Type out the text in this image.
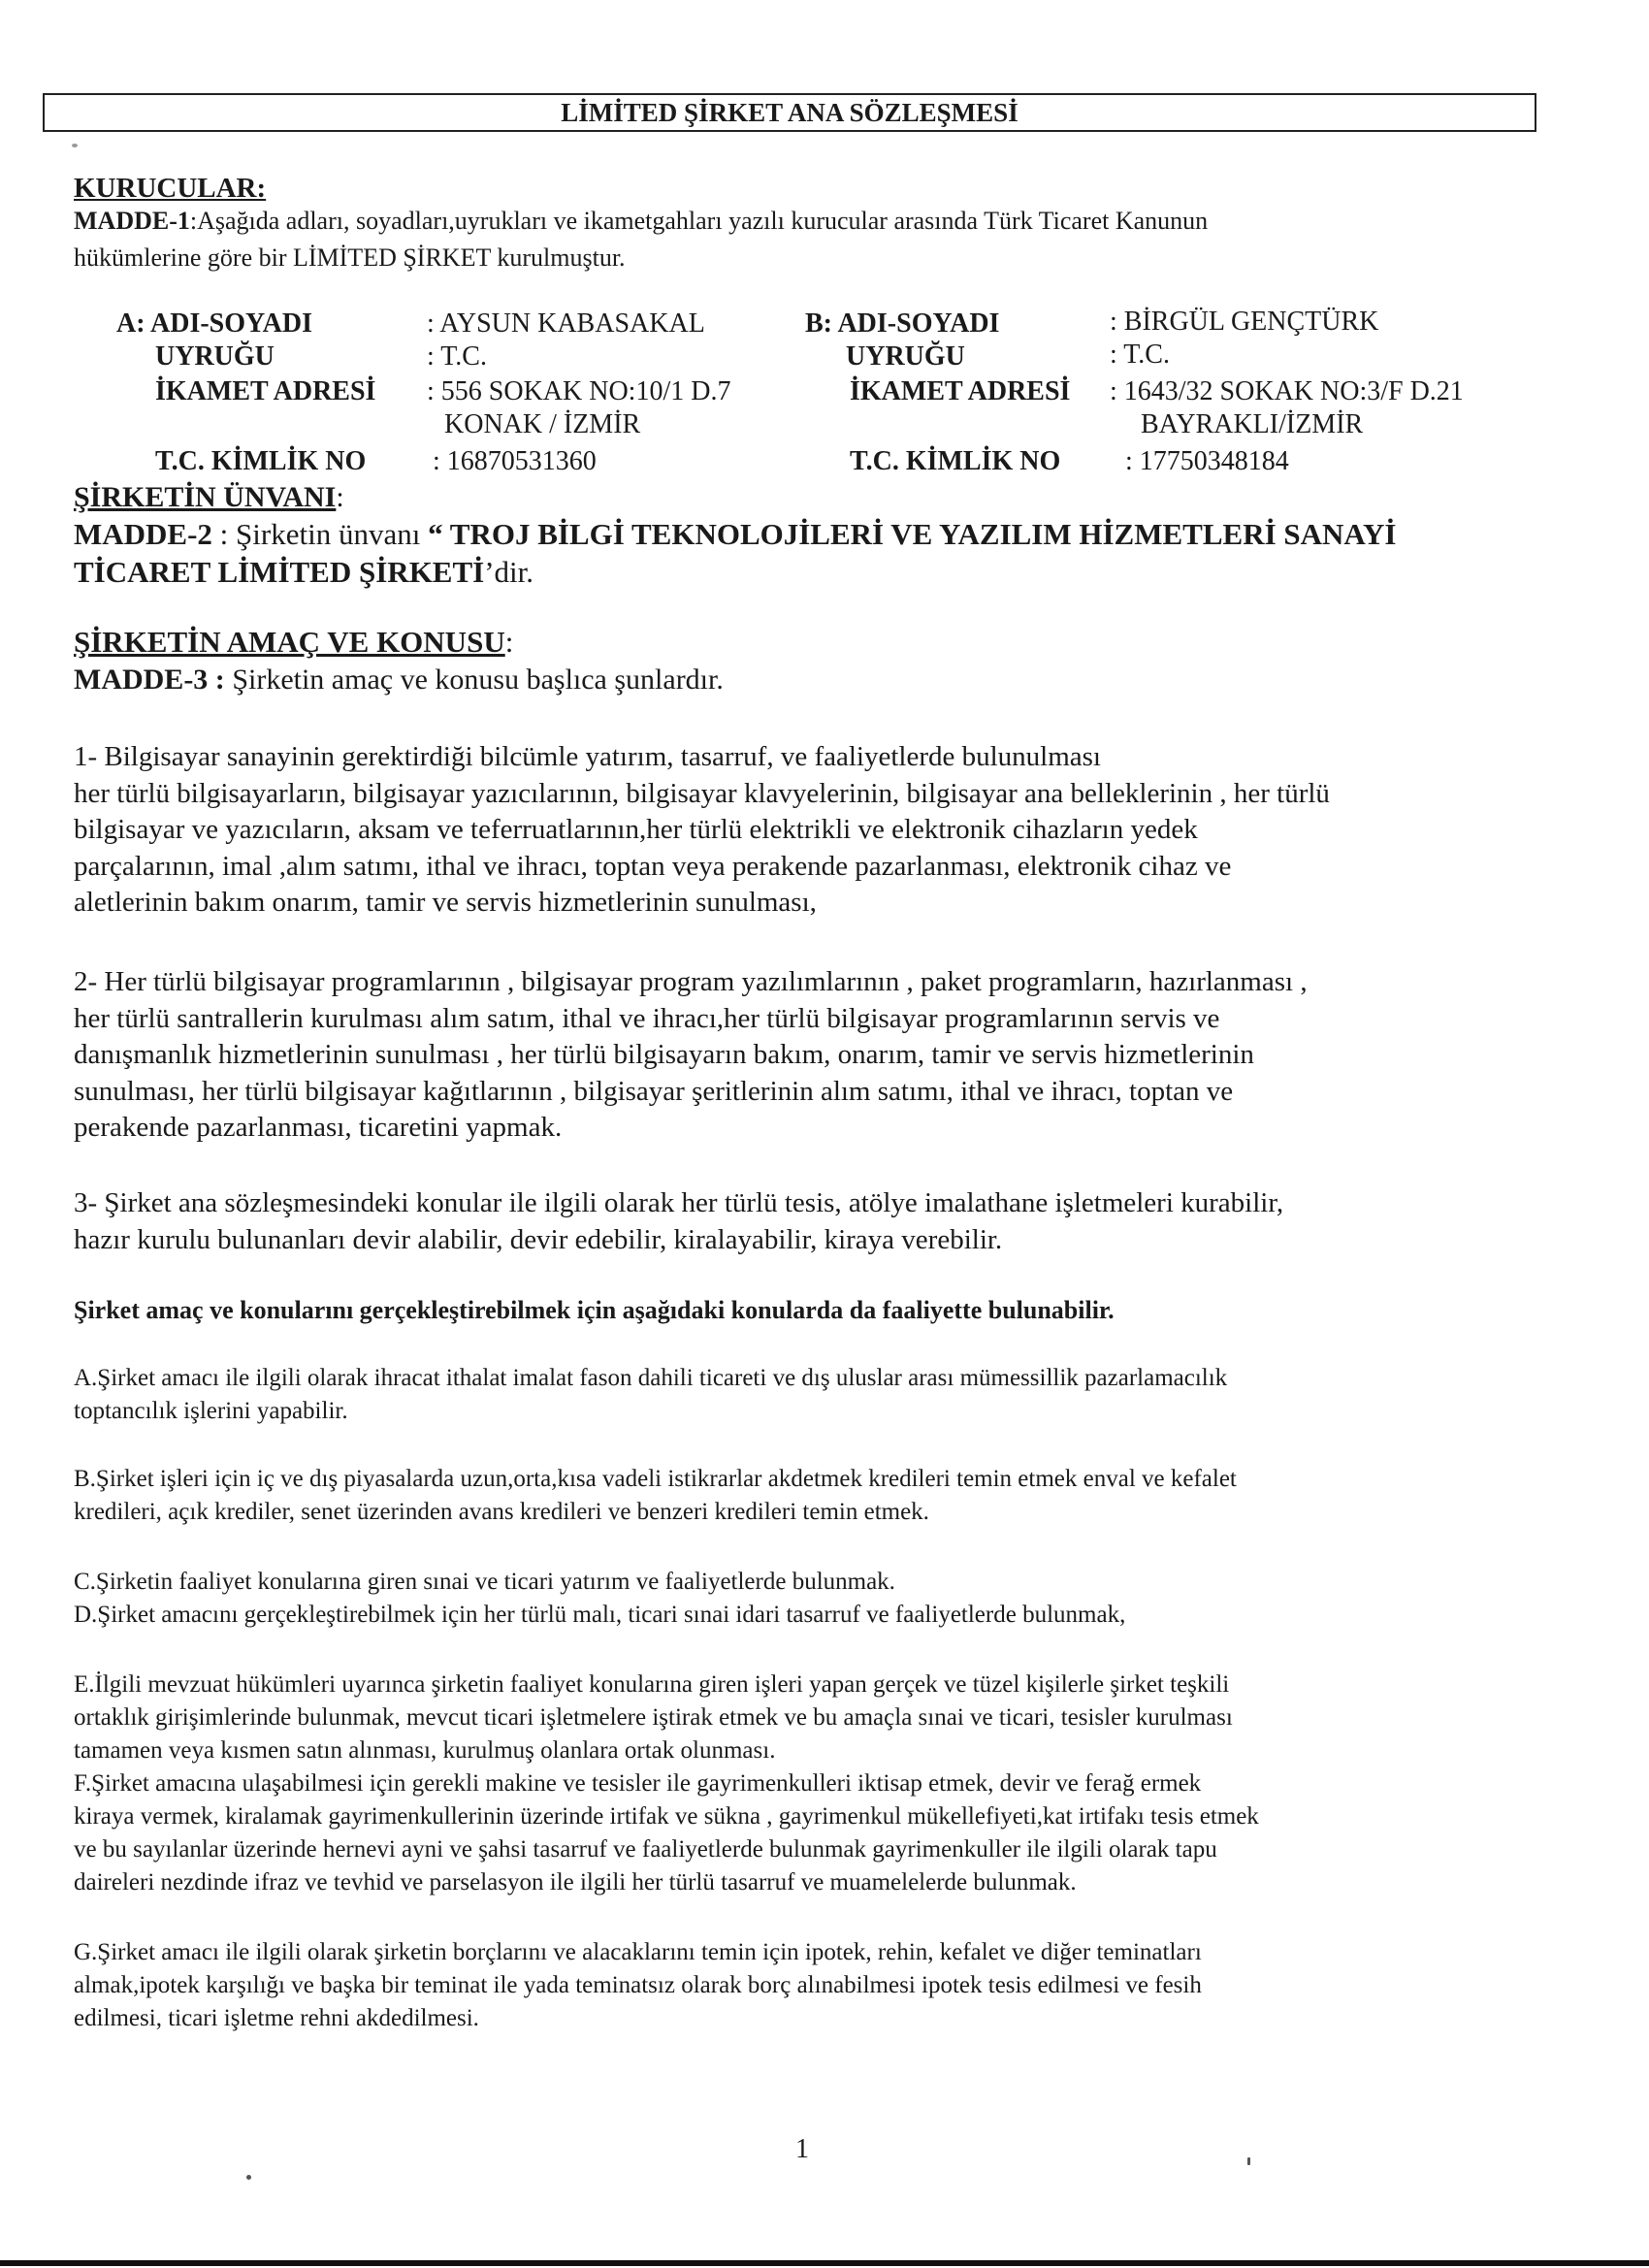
LİMİTED ŞİRKET ANA SÖZLEŞMESİ
KURUCULAR:
MADDE-1:Aşağıda adları, soyadları,uyrukları ve ikametgahları yazılı kurucular arasında Türk Ticaret Kanunun
hükümlerine göre bir LİMİTED ŞİRKET kurulmuştur.
A: ADI-SOYADI	: AYSUN KABASAKAL
UYRUĞU	: T.C.
İKAMET ADRESİ : 556 SOKAK NO:10/1 D.7
KONAK / İZMİR
T.C. KİMLİK NO : 16870531360
B: ADI-SOYADI	: BİRGÜL GENÇTÜRK
UYRUĞU	: T.C.
İKAMET ADRESİ : 1643/32 SOKAK NO:3/F D.21
BAYRAKLI/İZMİR
T.C. KİMLİK NO : 17750348184
ŞİRKETİN ÜNVANI:
MADDE-2 : Şirketin ünvanı “ TROJ BİLGİ TEKNOLOJİLERİ VE YAZILIM HİZMETLERİ SANAYİ
TİCARET LİMİTED ŞİRKETİ’dir.
ŞİRKETİN AMAÇ VE KONUSU:
MADDE-3 : Şirketin amaç ve konusu başlıca şunlardır.
1- Bilgisayar sanayinin gerektirdiği bilcümle yatırım, tasarruf, ve faaliyetlerde bulunulması
her türlü bilgisayarların, bilgisayar yazıcılarının, bilgisayar klavyelerinin, bilgisayar ana belleklerinin , her türlü
bilgisayar ve yazıcıların, aksam ve teferruatlarının,her türlü elektrikli ve elektronik cihazların yedek
parçalarının, imal ,alım satımı, ithal ve ihracı, toptan veya perakende pazarlanması, elektronik cihaz ve
aletlerinin bakım onarım, tamir ve servis hizmetlerinin sunulması,
2- Her türlü bilgisayar programlarının , bilgisayar program yazılımlarının , paket programların, hazırlanması ,
her türlü santrallerin kurulması alım satım, ithal ve ihracı,her türlü bilgisayar programlarının servis ve
danışmanlık hizmetlerinin sunulması , her türlü bilgisayarın bakım, onarım, tamir ve servis hizmetlerinin
sunulması, her türlü bilgisayar kağıtlarının , bilgisayar şeritlerinin alım satımı, ithal ve ihracı, toptan ve
perakende pazarlanması, ticaretini yapmak.
3- Şirket ana sözleşmesindeki konular ile ilgili olarak her türlü tesis, atölye imalathane işletmeleri kurabilir,
hazır kurulu bulunanları devir alabilir, devir edebilir, kiralayabilir, kiraya verebilir.
Şirket amaç ve konularını gerçekleştirebilmek için aşağıdaki konularda da faaliyette bulunabilir.
A.Şirket amacı ile ilgili olarak ihracat ithalat imalat fason dahili ticareti ve dış uluslar arası mümessillik pazarlamacılık
toptancılık işlerini yapabilir.
B.Şirket işleri için iç ve dış piyasalarda uzun,orta,kısa vadeli istikrarlar akdetmek kredileri temin etmek enval ve kefalet
kredileri, açık krediler, senet üzerinden avans kredileri ve benzeri kredileri temin etmek.
C.Şirketin faaliyet konularına giren sınai ve ticari yatırım ve faaliyetlerde bulunmak.
D.Şirket amacını gerçekleştirebilmek için her türlü malı, ticari sınai idari tasarruf ve faaliyetlerde bulunmak,
E.İlgili mevzuat hükümleri uyarınca şirketin faaliyet konularına giren işleri yapan gerçek ve tüzel kişilerle şirket teşkili
ortaklık girişimlerinde bulunmak, mevcut ticari işletmelere iştirak etmek ve bu amaçla sınai ve ticari, tesisler kurulması
tamamen veya kısmen satın alınması, kurulmuş olanlara ortak olunması.
F.Şirket amacına ulaşabilmesi için gerekli makine ve tesisler ile gayrimenkulleri iktisap etmek, devir ve ferağ ermek
kiraya vermek, kiralamak gayrimenkullerinin üzerinde irtifak ve sükna , gayrimenkul mükellefiyeti,kat irtifakı tesis etmek
ve bu sayılanlar üzerinde hernevi ayni ve şahsi tasarruf ve faaliyetlerde bulunmak gayrimenkuller ile ilgili olarak tapu
daireleri nezdinde ifraz ve tevhid ve parselasyon ile ilgili her türlü tasarruf ve muamelelerde bulunmak.
G.Şirket amacı ile ilgili olarak şirketin borçlarını ve alacaklarını temin için ipotek, rehin, kefalet ve diğer teminatları
almak,ipotek karşılığı ve başka bir teminat ile yada teminatsız olarak borç alınabilmesi ipotek tesis edilmesi ve fesih
edilmesi, ticari işletme rehni akdedilmesi.
1
